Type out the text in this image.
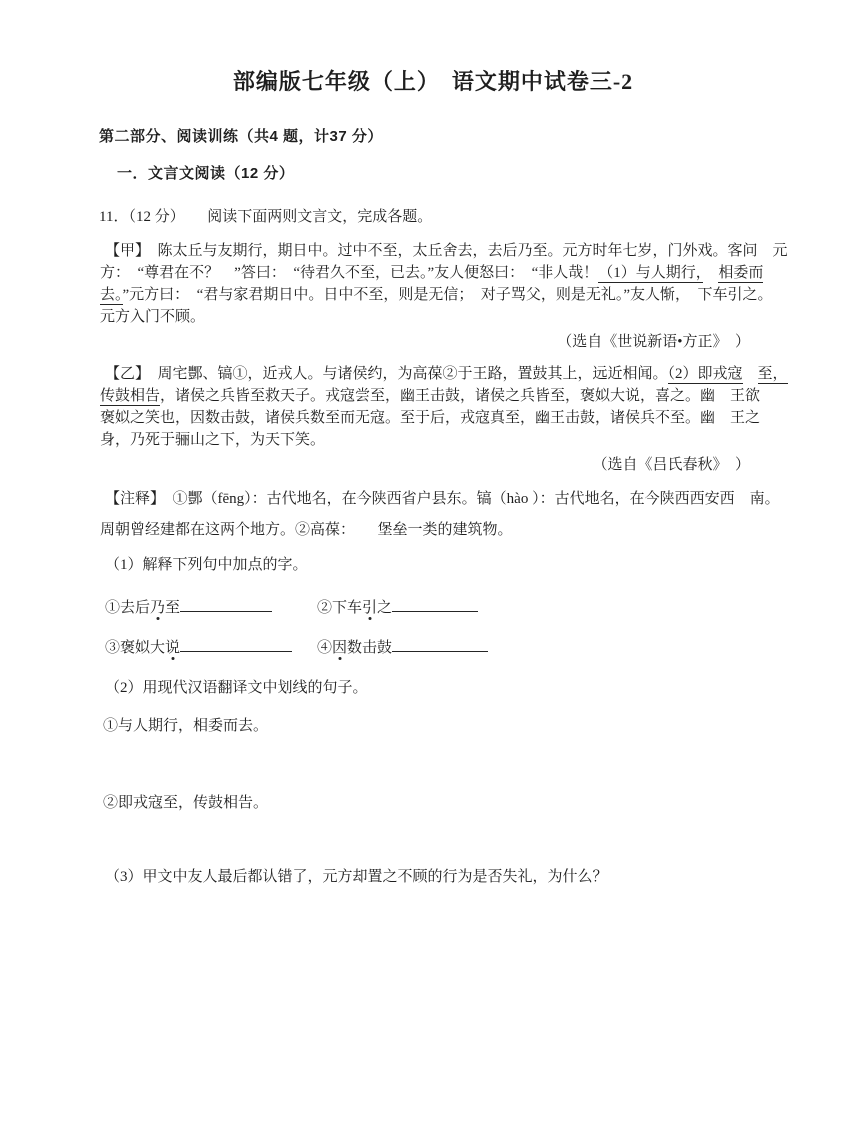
部编版七年级（上）　语文期中试卷三-2
第二部分、阅读训练（共4 题，计37 分）
一．文言文阅读（12 分）
11．（12 分）　　阅读下面两则文言文，完成各题。
【甲】　陈太丘与友期行，期日中。过中不至，太丘舍去，去后乃至。元方时年七岁，门外戏。客问　元
方：　“尊君在不？　”答曰：　“待君久不至，已去。”友人便怒曰：　“非人哉！（1）与人期行，　 相委而
去。”元方曰：　“君与家君期日中。日中不至，则是无信；　对子骂父，则是无礼。”友人惭，　下车引之。
元方入门不顾。
（选自《世说新语•方正》　）
【乙】　周宅酆、镐①，近戎人。与诸侯约，为高葆②于王路，置鼓其上，远近相闻。（2）即戎寇　 至，
传鼓相告，诸侯之兵皆至救天子。戎寇尝至，幽王击鼓，诸侯之兵皆至，褒姒大说，喜之。幽　王欲
褒姒之笑也，因数击鼓，诸侯兵数至而无寇。至于后，戎寇真至，幽王击鼓，诸侯兵不至。幽　王之
身，乃死于骊山之下，为天下笑。
（选自《吕氏春秋》　）
【注释】　①酆（fēng）：古代地名，在今陕西省户县东。镐（hào ）：古代地名，在今陕西西安西　南。
周朝曾经建都在这两个地方。②高葆：　　堡垒一类的建筑物。
（1）解释下列句中加点的字。
①去后乃至	②下车引之
③褒姒大说	④因数击鼓
（2）用现代汉语翻译文中划线的句子。
①与人期行，相委而去。
②即戎寇至，传鼓相告。
（3）甲文中友人最后都认错了，元方却置之不顾的行为是否失礼，为什么？
